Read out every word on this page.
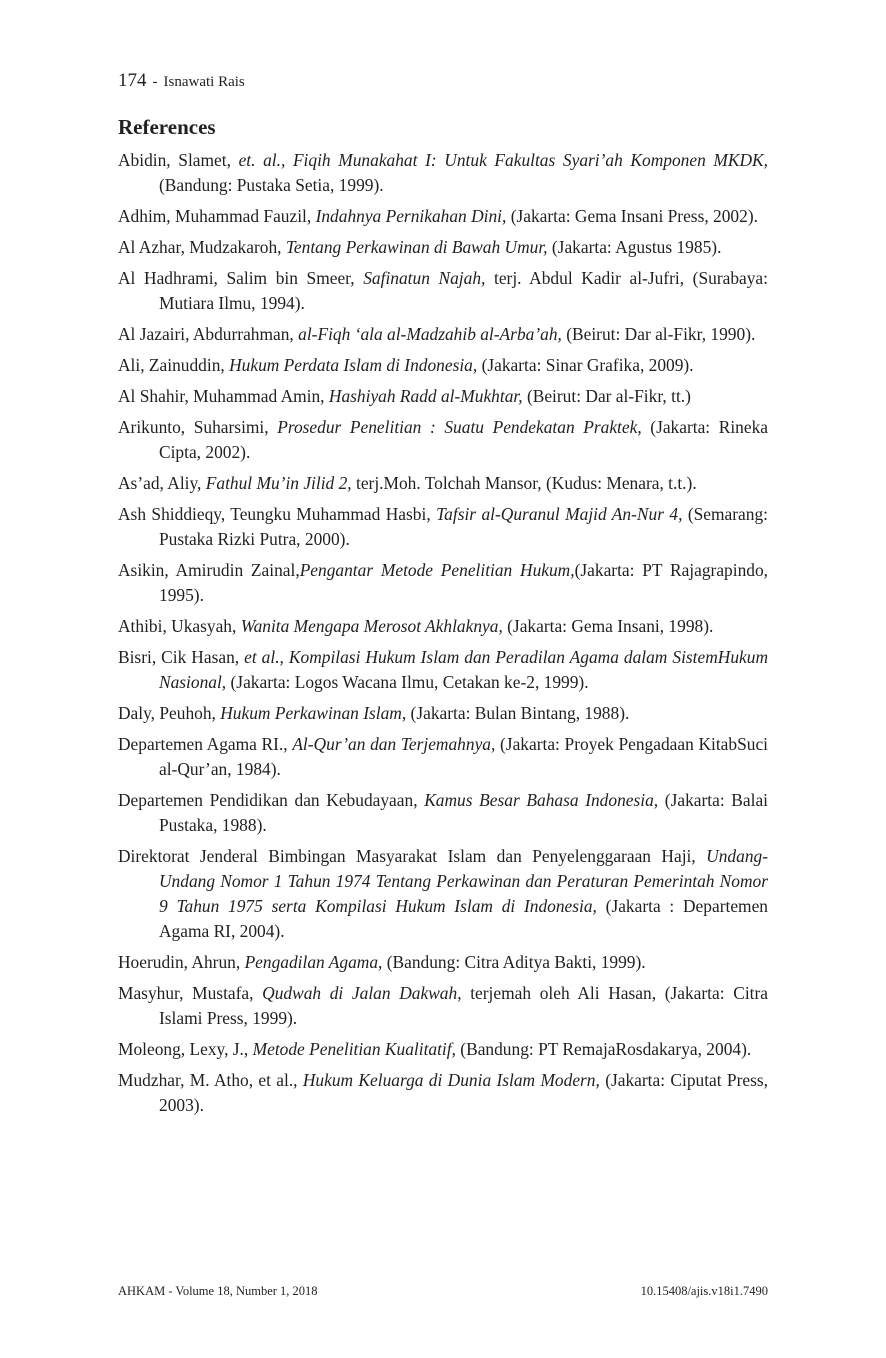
174 - Isnawati Rais
References
Abidin, Slamet, et. al., Fiqih Munakahat I: Untuk Fakultas Syari’ah Komponen MKDK, (Bandung: Pustaka Setia, 1999).
Adhim, Muhammad Fauzil, Indahnya Pernikahan Dini, (Jakarta: Gema Insani Press, 2002).
Al Azhar, Mudzakaroh, Tentang Perkawinan di Bawah Umur, (Jakarta: Agustus 1985).
Al Hadhrami, Salim bin Smeer, Safinatun Najah, terj. Abdul Kadir al-Jufri, (Surabaya: Mutiara Ilmu, 1994).
Al Jazairi, Abdurrahman, al-Fiqh ‘ala al-Madzahib al-Arba’ah, (Beirut: Dar al-Fikr, 1990).
Ali, Zainuddin, Hukum Perdata Islam di Indonesia, (Jakarta: Sinar Grafika, 2009).
Al Shahir, Muhammad Amin, Hashiyah Radd al-Mukhtar, (Beirut: Dar al-Fikr, tt.)
Arikunto, Suharsimi, Prosedur Penelitian : Suatu Pendekatan Praktek, (Jakarta: Rineka Cipta, 2002).
As’ad, Aliy, Fathul Mu’in Jilid 2, terj.Moh. Tolchah Mansor, (Kudus: Menara, t.t.).
Ash Shiddieqy, Teungku Muhammad Hasbi, Tafsir al-Quranul Majid An-Nur 4, (Semarang: Pustaka Rizki Putra, 2000).
Asikin, Amirudin Zainal,Pengantar Metode Penelitian Hukum,(Jakarta: PT Rajagrapindo, 1995).
Athibi, Ukasyah, Wanita Mengapa Merosot Akhlaknya, (Jakarta: Gema Insani, 1998).
Bisri, Cik Hasan, et al., Kompilasi Hukum Islam dan Peradilan Agama dalam SistemHukum Nasional, (Jakarta: Logos Wacana Ilmu, Cetakan ke-2, 1999).
Daly, Peuhoh, Hukum Perkawinan Islam, (Jakarta: Bulan Bintang, 1988).
Departemen Agama RI., Al-Qur’an dan Terjemahnya, (Jakarta: Proyek Pengadaan KitabSuci al-Qur’an, 1984).
Departemen Pendidikan dan Kebudayaan, Kamus Besar Bahasa Indonesia, (Jakarta: Balai Pustaka, 1988).
Direktorat Jenderal Bimbingan Masyarakat Islam dan Penyelenggaraan Haji, Undang-Undang Nomor 1 Tahun 1974 Tentang Perkawinan dan Peraturan Pemerintah Nomor 9 Tahun 1975 serta Kompilasi Hukum Islam di Indonesia, (Jakarta : Departemen Agama RI, 2004).
Hoerudin, Ahrun, Pengadilan Agama, (Bandung: Citra Aditya Bakti, 1999).
Masyhur, Mustafa, Qudwah di Jalan Dakwah, terjemah oleh Ali Hasan, (Jakarta: Citra Islami Press, 1999).
Moleong, Lexy, J., Metode Penelitian Kualitatif, (Bandung: PT RemajaRosdakarya, 2004).
Mudzhar, M. Atho, et al., Hukum Keluarga di Dunia Islam Modern, (Jakarta: Ciputat Press, 2003).
AHKAM - Volume 18, Number 1, 2018	10.15408/ajis.v18i1.7490
